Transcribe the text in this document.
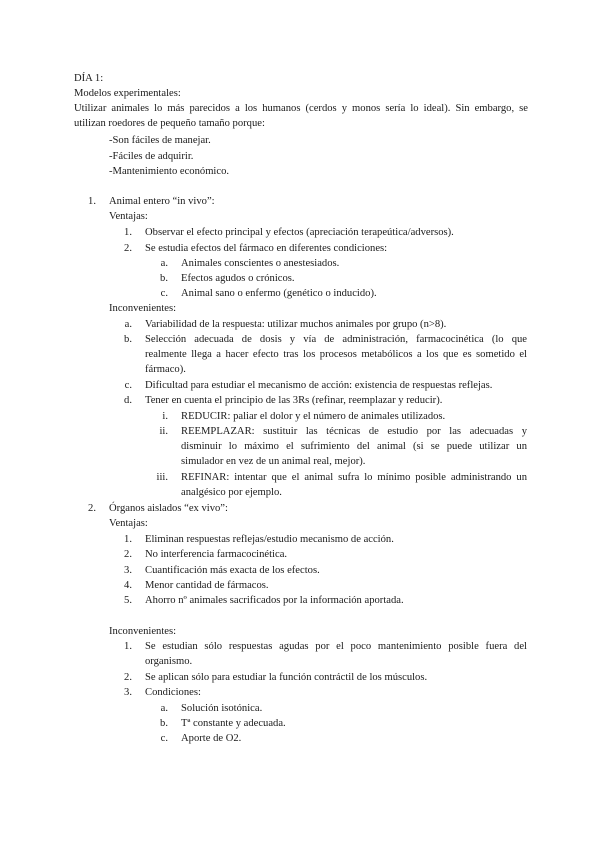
DÍA 1:
Modelos experimentales:
Utilizar animales lo más parecidos a los humanos (cerdos y monos sería lo ideal). Sin embargo, se
utilizan roedores de pequeño tamaño porque:
-Son fáciles de manejar.
-Fáciles de adquirir.
-Mantenimiento económico.
1. Animal entero “in vivo”:
Ventajas:
1. Observar el efecto principal y efectos (apreciación terapeútica/adversos).
2. Se estudia efectos del fármaco en diferentes condiciones:
a. Animales conscientes o anestesiados.
b. Efectos agudos o crónicos.
c. Animal sano o enfermo (genético o inducido).
Inconvenientes:
a. Variabilidad de la respuesta: utilizar muchos animales por grupo (n>8).
b. Selección adecuada de dosis y vía de administración, farmacocinética (lo que
realmente llega a hacer efecto tras los procesos metabólicos a los que es sometido el
fármaco).
c. Dificultad para estudiar el mecanismo de acción: existencia de respuestas reflejas.
d. Tener en cuenta el principio de las 3Rs (refinar, reemplazar y reducir).
i. REDUCIR: paliar el dolor y el número de animales utilizados.
ii. REEMPLAZAR: sustituir las técnicas de estudio por las adecuadas y
disminuir lo máximo el sufrimiento del animal (si se puede utilizar un
simulador en vez de un animal real, mejor).
iii. REFINAR: intentar que el animal sufra lo mínimo posible administrando un
analgésico por ejemplo.
2. Órganos aislados “ex vivo”:
Ventajas:
1. Eliminan respuestas reflejas/estudio mecanismo de acción.
2. No interferencia farmacocinética.
3. Cuantificación más exacta de los efectos.
4. Menor cantidad de fármacos.
5. Ahorro nº animales sacrificados por la información aportada.
Inconvenientes:
1. Se estudian sólo respuestas agudas por el poco mantenimiento posible fuera del
organismo.
2. Se aplican sólo para estudiar la función contráctil de los músculos.
3. Condiciones:
a. Solución isotónica.
b. Tª constante y adecuada.
c. Aporte de O2.
